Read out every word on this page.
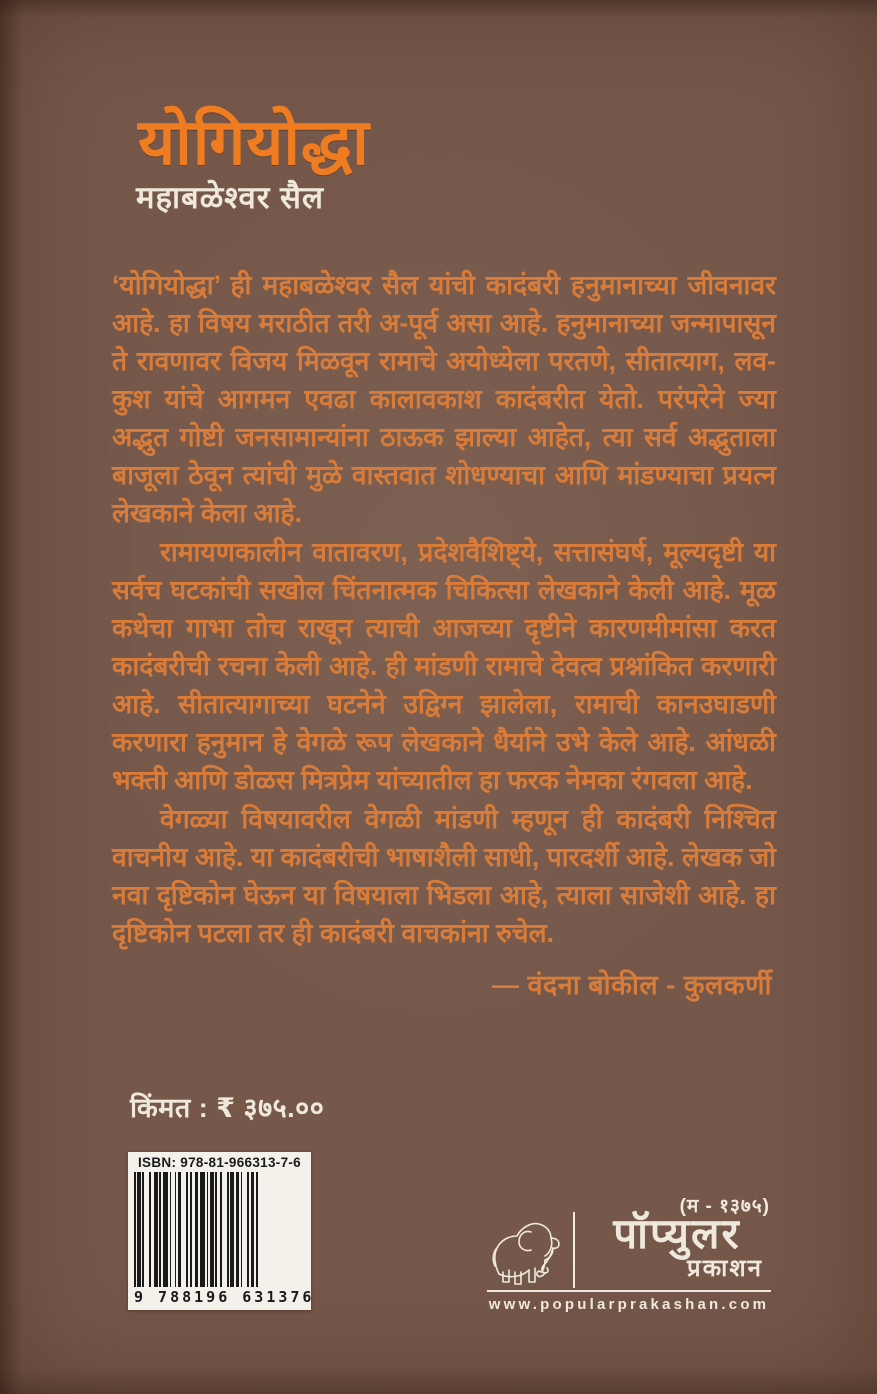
योगियोद्धा
महाबळेश्वर सैल

‘योगियोद्धा’ ही महाबळेश्वर सैल यांची कादंबरी हनुमानाच्या जीवनावर आहे. हा विषय मराठीत तरी अ-पूर्व असा आहे. हनुमानाच्या जन्मापासून ते रावणावर विजय मिळवून रामाचे अयोध्येला परतणे, सीतात्याग, लव-कुश यांचे आगमन एवढा कालावकाश कादंबरीत येतो. परंपरेने ज्या अद्भुत गोष्टी जनसामान्यांना ठाऊक झाल्या आहेत, त्या सर्व अद्भुताला बाजूला ठेवून त्यांची मुळे वास्तवात शोधण्याचा आणि मांडण्याचा प्रयत्न लेखकाने केला आहे.

रामायणकालीन वातावरण, प्रदेशवैशिष्ट्ये, सत्तासंघर्ष, मूल्यदृष्टी या सर्वच घटकांची सखोल चिंतनात्मक चिकित्सा लेखकाने केली आहे. मूळ कथेचा गाभा तोच राखून त्याची आजच्या दृष्टीने कारणमीमांसा करत कादंबरीची रचना केली आहे. ही मांडणी रामाचे देवत्व प्रश्नांकित करणारी आहे. सीतात्यागाच्या घटनेने उद्विग्न झालेला, रामाची कानउघाडणी करणारा हनुमान हे वेगळे रूप लेखकाने धैर्याने उभे केले आहे. आंधळी भक्ती आणि डोळस मित्रप्रेम यांच्यातील हा फरक नेमका रंगवला आहे.

वेगळ्या विषयावरील वेगळी मांडणी म्हणून ही कादंबरी निश्चित वाचनीय आहे. या कादंबरीची भाषाशैली साधी, पारदर्शी आहे. लेखक जो नवा दृष्टिकोन घेऊन या विषयाला भिडला आहे, त्याला साजेशी आहे. हा दृष्टिकोन पटला तर ही कादंबरी वाचकांना रुचेल.

— वंदना बोकील - कुलकर्णी
किंमत : ₹ ३७५.००
ISBN: 978-81-966313-7-6
9 788196 631376
(म - १३७५)
पॉप्युलर
प्रकाशन
www.popularprakashan.com
